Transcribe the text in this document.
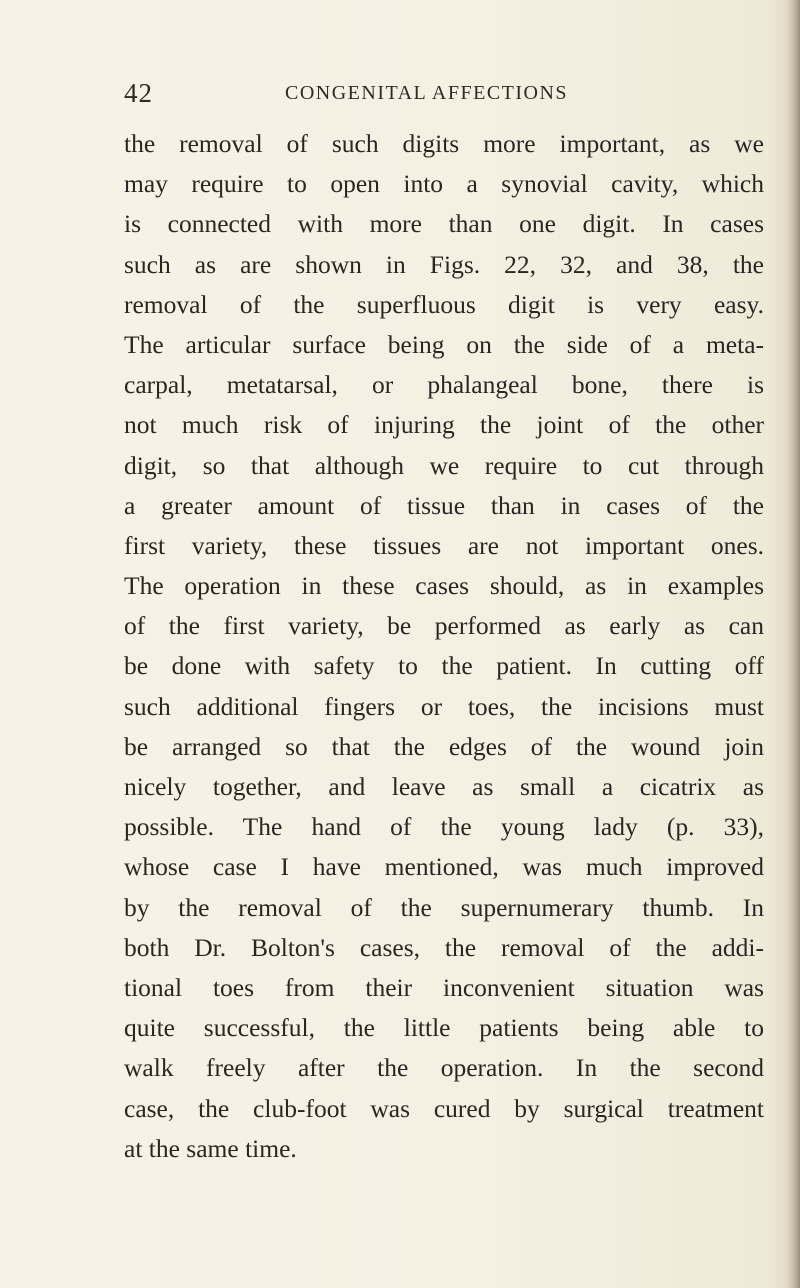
42	CONGENITAL AFFECTIONS
the removal of such digits more important, as we
may require to open into a synovial cavity, which
is connected with more than one digit. In cases
such as are shown in Figs. 22, 32, and 38, the
removal of the superfluous digit is very easy.
The articular surface being on the side of a meta-
carpal, metatarsal, or phalangeal bone, there is
not much risk of injuring the joint of the other
digit, so that although we require to cut through
a greater amount of tissue than in cases of the
first variety, these tissues are not important ones.
The operation in these cases should, as in examples
of the first variety, be performed as early as can
be done with safety to the patient. In cutting off
such additional fingers or toes, the incisions must
be arranged so that the edges of the wound join
nicely together, and leave as small a cicatrix as
possible. The hand of the young lady (p. 33),
whose case I have mentioned, was much improved
by the removal of the supernumerary thumb. In
both Dr. Bolton's cases, the removal of the addi-
tional toes from their inconvenient situation was
quite successful, the little patients being able to
walk freely after the operation. In the second
case, the club-foot was cured by surgical treatment
at the same time.
